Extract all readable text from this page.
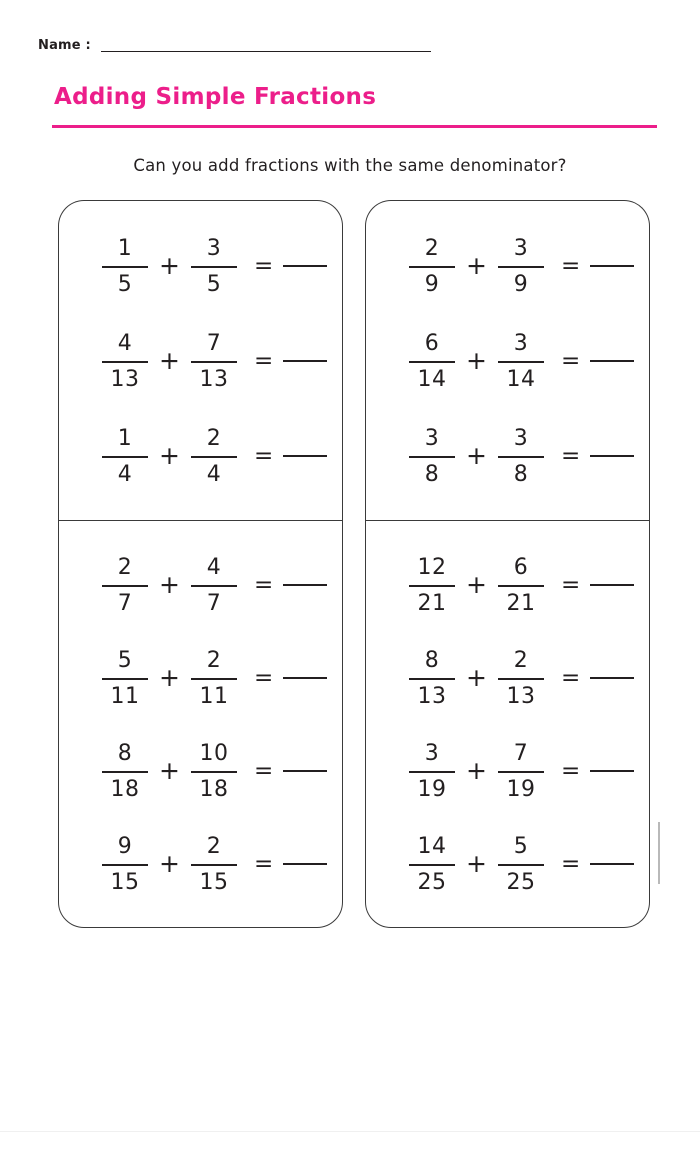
Name :
Adding Simple Fractions
Can you add fractions with the same denominator?
$\frac{1}{5} + \frac{3}{5}$ =
$\frac{4}{13} + \frac{7}{13}$ =
$\frac{1}{4} + \frac{2}{4}$ =
$\frac{2}{9} + \frac{3}{9}$ =
$\frac{6}{14} + \frac{3}{14}$ =
$\frac{3}{8} + \frac{3}{8}$ =
$\frac{2}{7} + \frac{4}{7}$ =
$\frac{5}{11} + \frac{2}{11}$ =
$\frac{8}{18} + \frac{10}{18}$ =
$\frac{9}{15} + \frac{2}{15}$ =
$\frac{12}{21} + \frac{6}{21}$ =
$\frac{8}{13} + \frac{2}{13}$ =
$\frac{3}{19} + \frac{7}{19}$ =
$\frac{14}{25} + \frac{5}{25}$ =
